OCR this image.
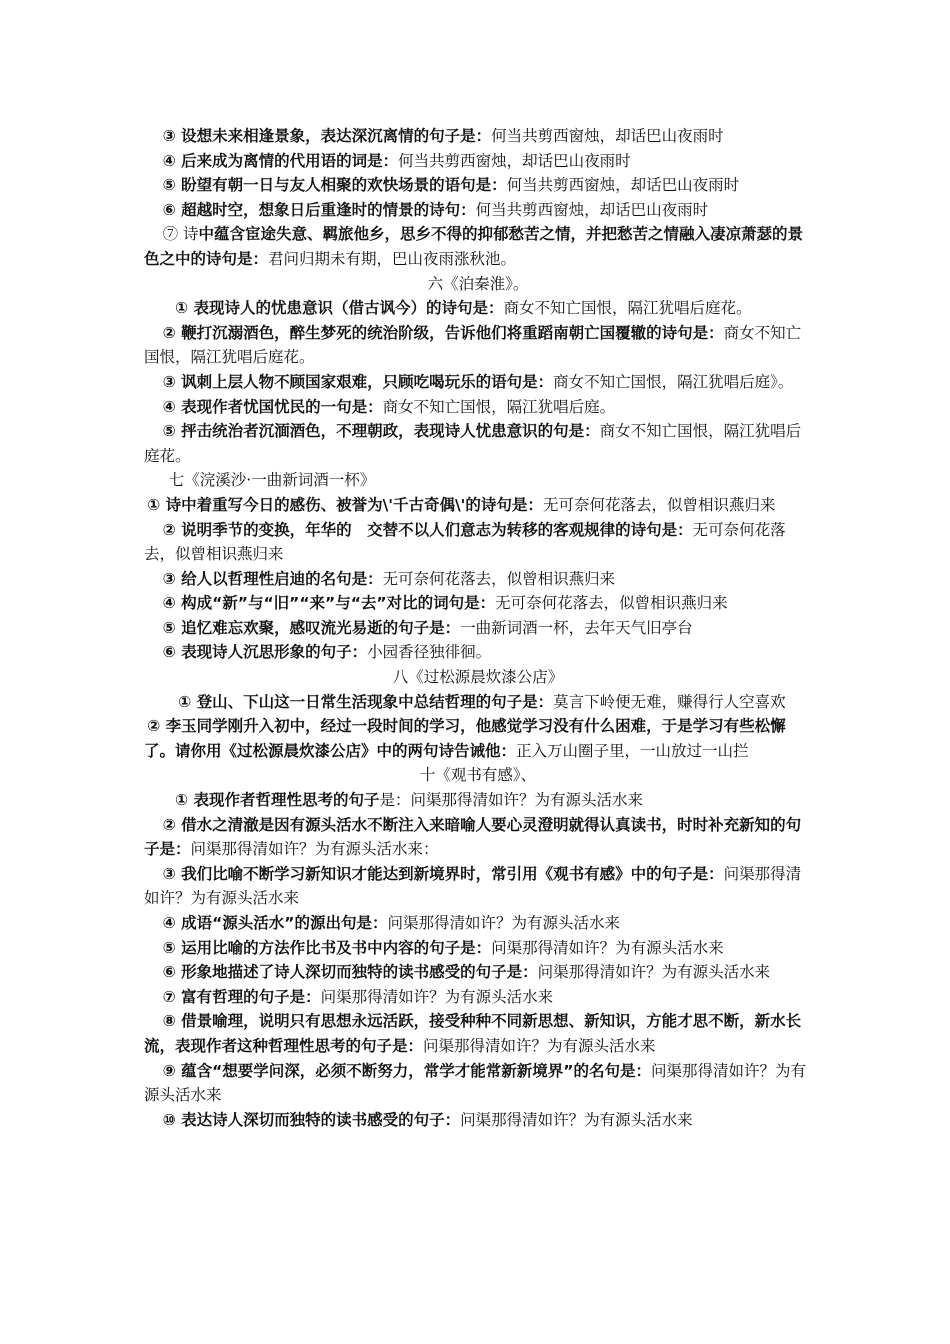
③ 设想未来相逢景象，表达深沉离情的句子是：何当共剪西窗烛，却话巴山夜雨时

④ 后来成为离情的代用语的词是：何当共剪西窗烛，却话巴山夜雨时

⑤ 盼望有朝一日与友人相聚的欢快场景的语句是：何当共剪西窗烛，却话巴山夜雨时

⑥ 超越时空，想象日后重逢时的情景的诗句：何当共剪西窗烛，却话巴山夜雨时

⑦ 诗中蕴含宦途失意、羁旅他乡，思乡不得的抑郁愁苦之情，并把愁苦之情融入凄凉萧瑟的景色之中的诗句是：君问归期未有期，巴山夜雨涨秋池。

六《泊秦淮》。

① 表现诗人的忧患意识（借古讽今）的诗句是：商女不知亡国恨，隔江犹唱后庭花。

② 鞭打沉溺酒色，醉生梦死的统治阶级，告诉他们将重蹈南朝亡国覆辙的诗句是：商女不知亡国恨，隔江犹唱后庭花。

③ 讽刺上层人物不顾国家艰难，只顾吃喝玩乐的语句是：商女不知亡国恨，隔江犹唱后庭》。

④ 表现作者忧国忧民的一句是：商女不知亡国恨，隔江犹唱后庭。

⑤ 抨击统治者沉湎酒色，不理朝政，表现诗人忧患意识的句是：商女不知亡国恨，隔江犹唱后庭花。

七《浣溪沙·一曲新词酒一杯》

① 诗中着重写今日的感伤、被誉为\'千古奇偶\'的诗句是：无可奈何花落去，似曾相识燕归来

② 说明季节的变换，年华的　交替不以人们意志为转移的客观规律的诗句是：无可奈何花落去，似曾相识燕归来

③ 给人以哲理性启迪的名句是：无可奈何花落去，似曾相识燕归来

④ 构成“新”与“旧”“来”与“去”对比的词句是：无可奈何花落去，似曾相识燕归来

⑤ 追忆难忘欢聚，感叹流光易逝的句子是：一曲新词酒一杯，去年天气旧亭台

⑥ 表现诗人沉思形象的句子：小园香径独徘徊。

八《过松源晨炊漆公店》

① 登山、下山这一日常生活现象中总结哲理的句子是：莫言下岭便无难，赚得行人空喜欢

② 李玉同学刚升入初中，经过一段时间的学习，他感觉学习没有什么困难，于是学习有些松懈了。请你用《过松源晨炊漆公店》中的两句诗告诫他：正入万山圈子里，一山放过一山拦

十《观书有感》、

① 表现作者哲理性思考的句子是：问渠那得清如许？为有源头活水来

② 借水之清澈是因有源头活水不断注入来暗喻人要心灵澄明就得认真读书，时时补充新知的句子是：问渠那得清如许？为有源头活水来：

③ 我们比喻不断学习新知识才能达到新境界时，常引用《观书有感》中的句子是：问渠那得清如许？为有源头活水来

④ 成语“源头活水”的源出句是：问渠那得清如许？为有源头活水来

⑤ 运用比喻的方法作比书及书中内容的句子是：问渠那得清如许？为有源头活水来

⑥ 形象地描述了诗人深切而独特的读书感受的句子是：问渠那得清如许？为有源头活水来

⑦ 富有哲理的句子是：问渠那得清如许？为有源头活水来

⑧ 借景喻理，说明只有思想永远活跃，接受种种不同新思想、新知识，方能才思不断，新水长流，表现作者这种哲理性思考的句子是：问渠那得清如许？为有源头活水来

⑨ 蕴含“想要学问深，必须不断努力，常学才能常新新境界”的名句是：问渠那得清如许？为有源头活水来

⑩ 表达诗人深切而独特的读书感受的句子：问渠那得清如许？为有源头活水来
